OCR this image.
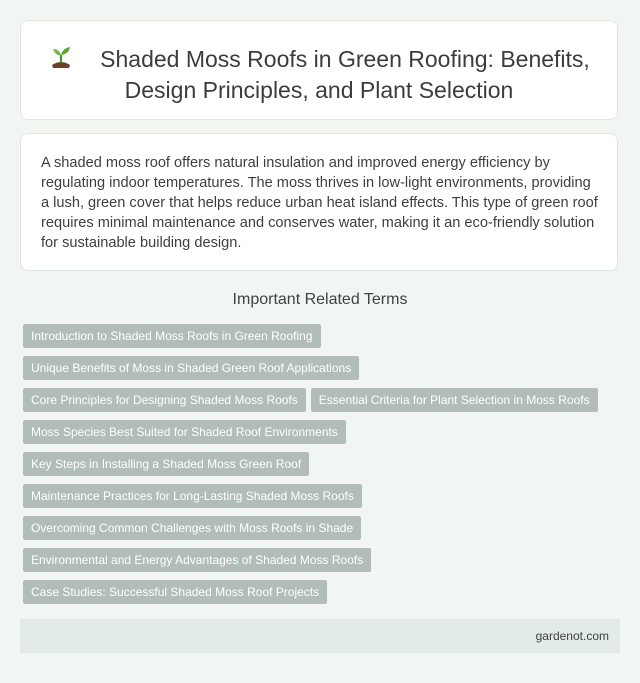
Shaded Moss Roofs in Green Roofing: Benefits,
Design Principles, and Plant Selection
A shaded moss roof offers natural insulation and improved energy efficiency by regulating indoor temperatures. The moss thrives in low-light environments, providing a lush, green cover that helps reduce urban heat island effects. This type of green roof requires minimal maintenance and conserves water, making it an eco-friendly solution for sustainable building design.
Important Related Terms
Introduction to Shaded Moss Roofs in Green Roofing
Unique Benefits of Moss in Shaded Green Roof Applications
Core Principles for Designing Shaded Moss Roofs Essential Criteria for Plant Selection in Moss Roofs
Moss Species Best Suited for Shaded Roof Environments
Key Steps in Installing a Shaded Moss Green Roof
Maintenance Practices for Long-Lasting Shaded Moss Roofs
Overcoming Common Challenges with Moss Roofs in Shade
Environmental and Energy Advantages of Shaded Moss Roofs
Case Studies: Successful Shaded Moss Roof Projects
gardenot.com
